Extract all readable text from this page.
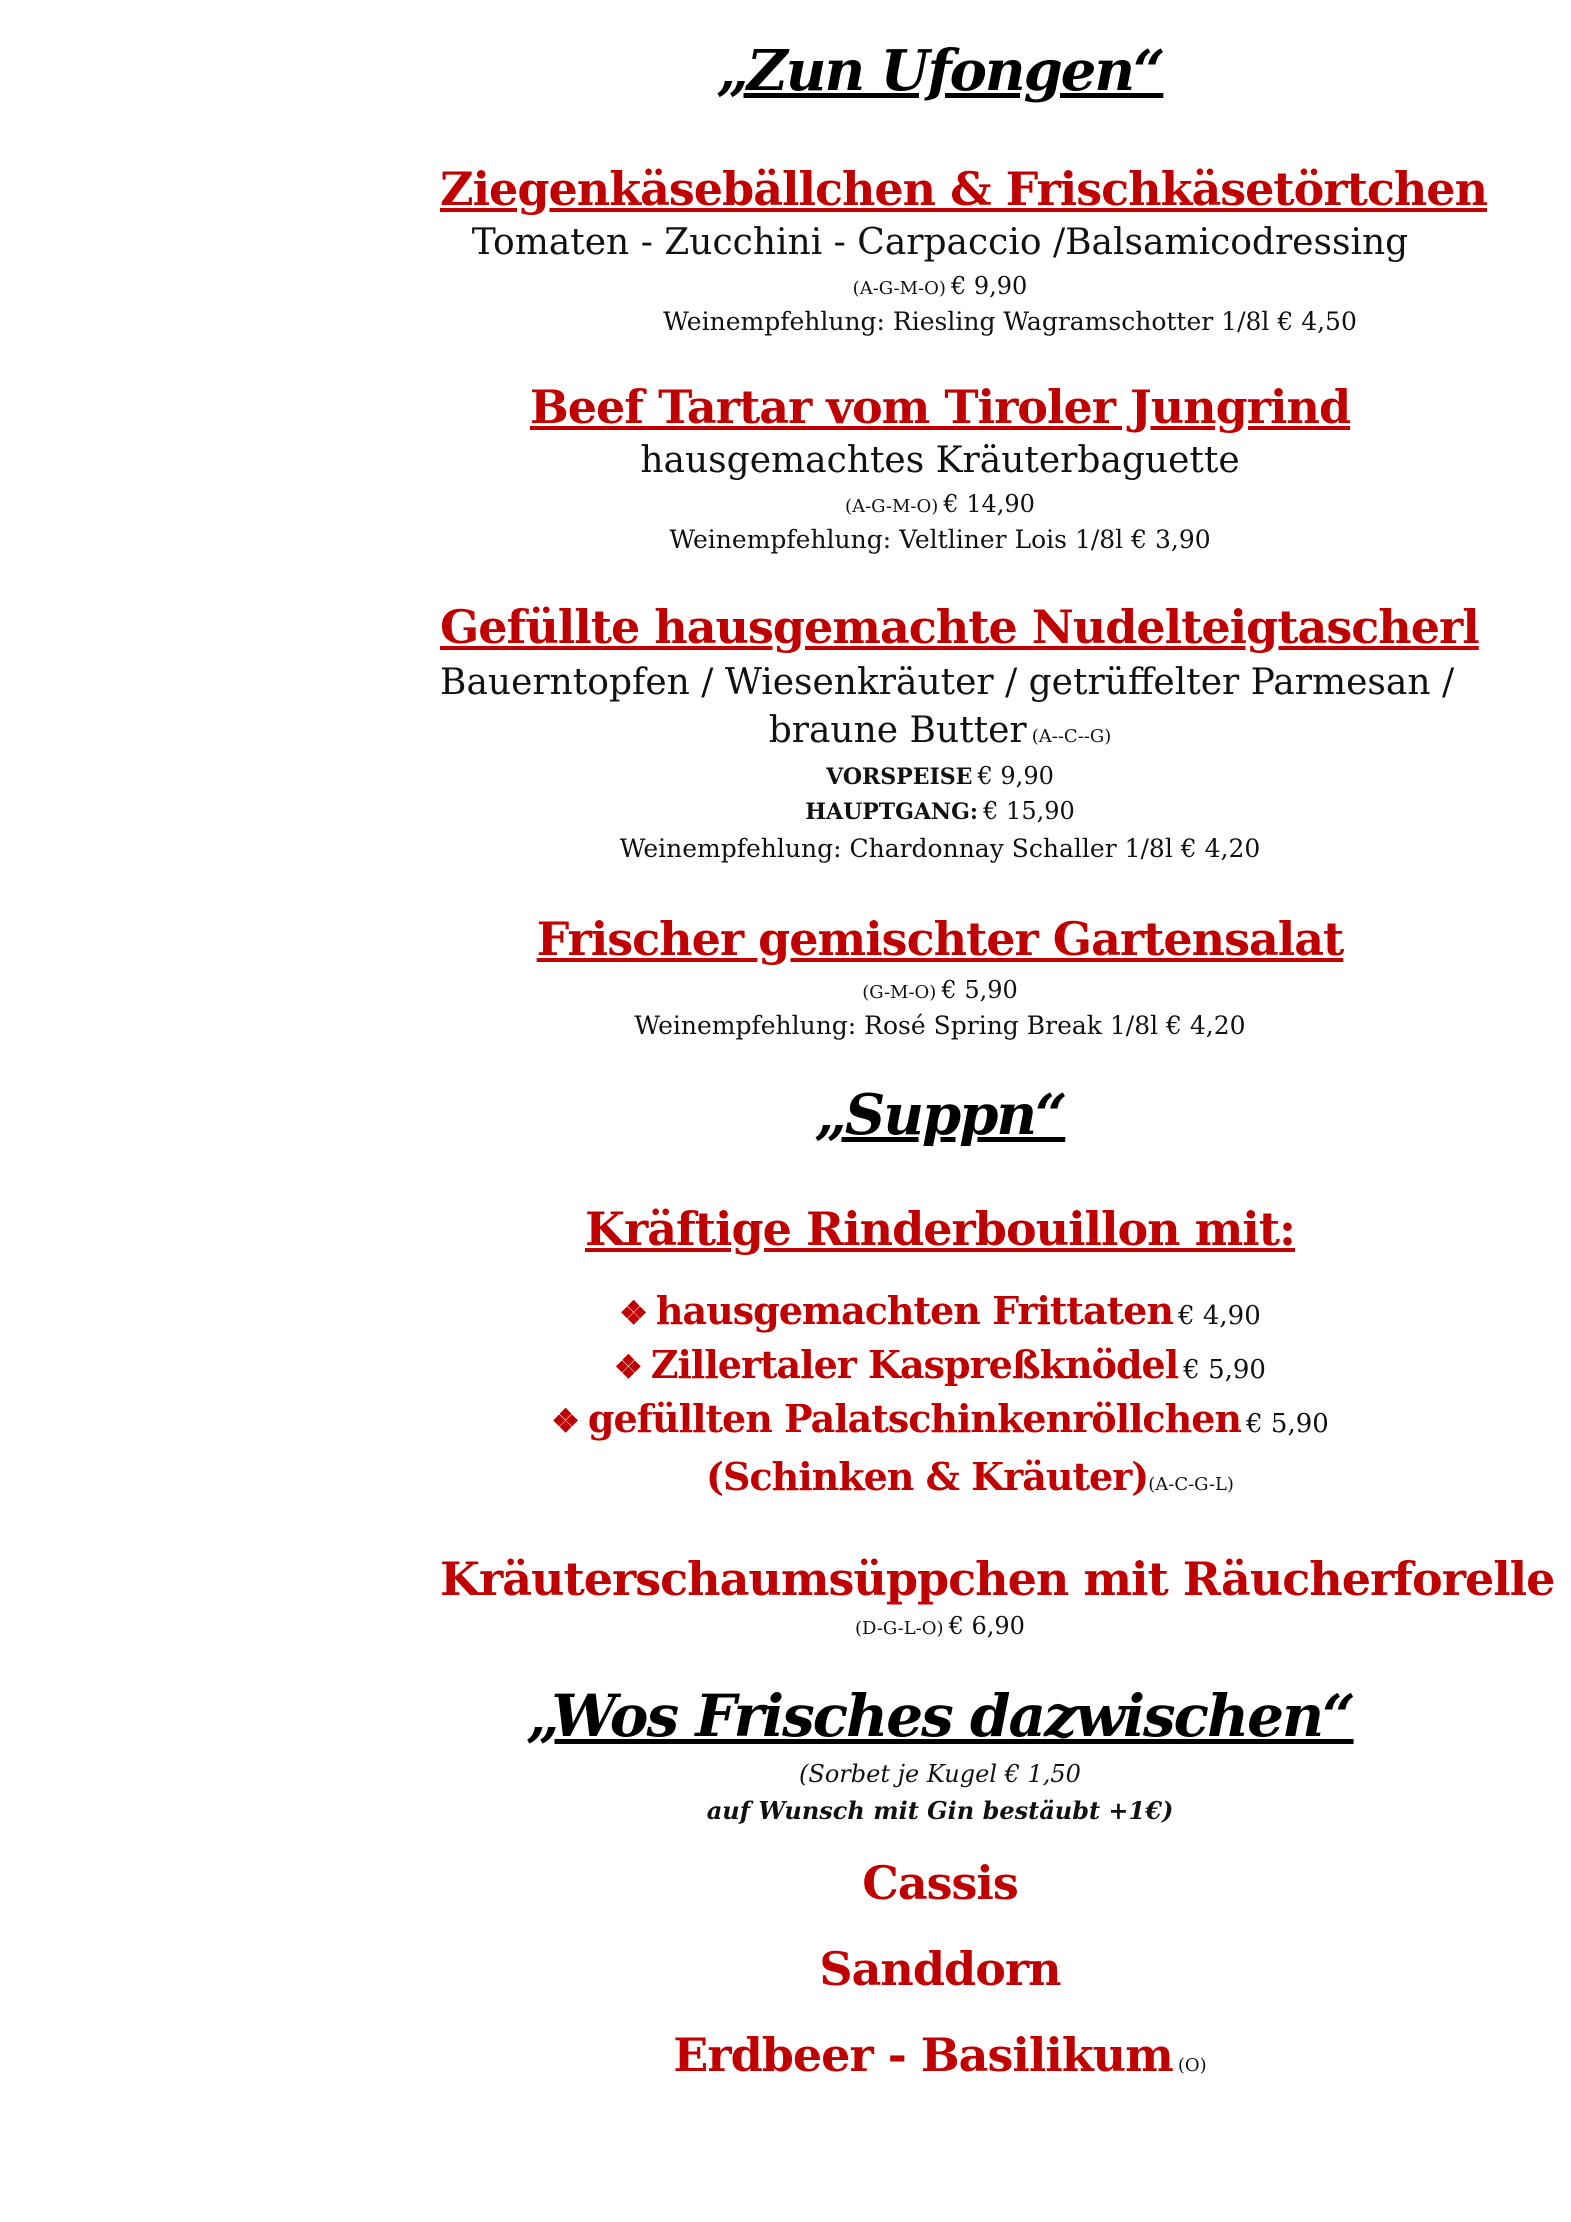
„Zun Ufongen“
Ziegenkäsebällchen & Frischkäsetörtchen
Tomaten - Zucchini - Carpaccio /Balsamicodressing
(A-G-M-O) € 9,90
Weinempfehlung: Riesling Wagramschotter 1/8l € 4,50
Beef Tartar vom Tiroler Jungrind
hausgemachtes Kräuterbaguette
(A-G-M-O) € 14,90
Weinempfehlung: Veltliner Lois 1/8l € 3,90
Gefüllte hausgemachte Nudelteigtascherl
Bauerntopfen / Wiesenkräuter / getrüffelter Parmesan /
braune Butter (A--C--G)
VORSPEISE € 9,90
HAUPTGANG: € 15,90
Weinempfehlung: Chardonnay Schaller 1/8l € 4,20
Frischer gemischter Gartensalat
(G-M-O) € 5,90
Weinempfehlung: Rosé Spring Break 1/8l € 4,20
„Suppn“
Kräftige Rinderbouillon mit:
❖ hausgemachten Frittaten € 4,90
❖ Zillertaler Kaspreßknödel € 5,90
❖ gefüllten Palatschinkenröllchen € 5,90
(Schinken & Kräuter)(A-C-G-L)
Kräuterschaumsüppchen mit Räucherforelle
(D-G-L-O) € 6,90
„Wos Frisches dazwischen“
(Sorbet je Kugel € 1,50
auf Wunsch mit Gin bestäubt +1€)
Cassis
Sanddorn
Erdbeer - Basilikum (O)
